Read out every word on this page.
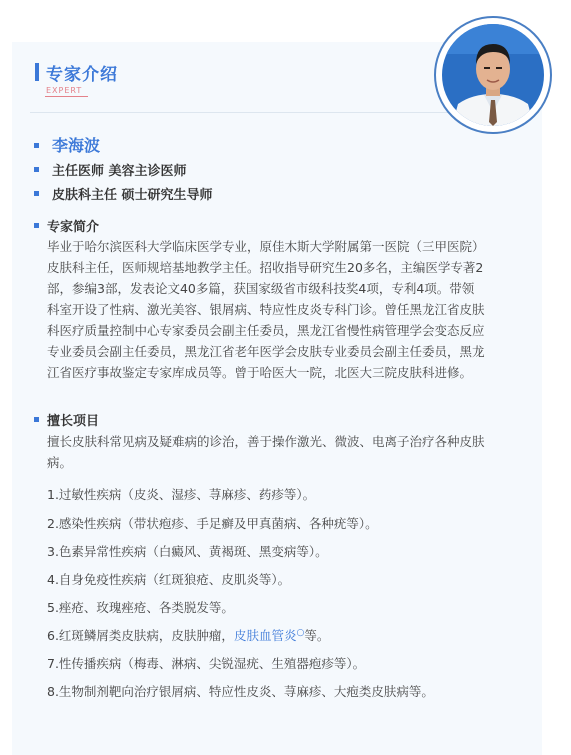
专家介绍
EXPERT
李海波
主任医师 美容主诊医师
皮肤科主任 硕士研究生导师
专家简介
毕业于哈尔滨医科大学临床医学专业，原佳木斯大学附属第一医院（三甲医院）
皮肤科主任，医师规培基地教学主任。招收指导研究生20多名，主编医学专著2
部，参编3部，发表论文40多篇，获国家级省市级科技奖4项，专利4项。带领
科室开设了性病、激光美容、银屑病、特应性皮炎专科门诊。曾任黑龙江省皮肤
科医疗质量控制中心专家委员会副主任委员，黑龙江省慢性病管理学会变态反应
专业委员会副主任委员，黑龙江省老年医学会皮肤专业委员会副主任委员，黑龙
江省医疗事故鉴定专家库成员等。曾于哈医大一院，北医大三院皮肤科进修。
擅长项目
擅长皮肤科常见病及疑难病的诊治，善于操作激光、微波、电离子治疗各种皮肤
病。
1.过敏性疾病（皮炎、湿疹、荨麻疹、药疹等）。
2.感染性疾病（带状疱疹、手足癣及甲真菌病、各种疣等）。
3.色素异常性疾病（白癜风、黄褐斑、黑变病等）。
4.自身免疫性疾病（红斑狼疮、皮肌炎等）。
5.痤疮、玫瑰痤疮、各类脱发等。
6.红斑鳞屑类皮肤病，皮肤肿瘤，皮肤血管炎○等。
7.性传播疾病（梅毒、淋病、尖锐湿疣、生殖器疱疹等）。
8.生物制剂靶向治疗银屑病、特应性皮炎、荨麻疹、大疱类皮肤病等。
